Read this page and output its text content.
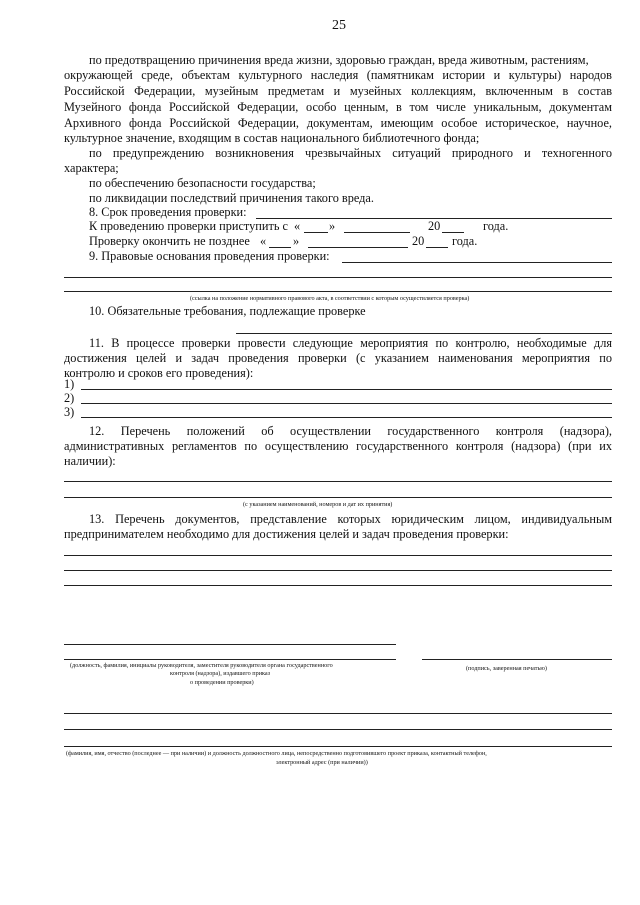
25
по предотвращению причинения вреда жизни, здоровью граждан, вреда животным, растениям,
окружающей среде, объектам культурного наследия (памятникам истории и культуры) народов
Российской Федерации, музейным предметам и музейных коллекциям, включенным в состав
Музейного фонда Российской Федерации, особо ценным, в том числе уникальным, документам
Архивного фонда Российской Федерации, документам, имеющим особое историческое, научное,
культурное значение, входящим в состав национального библиотечного фонда;
по предупреждению возникновения чрезвычайных ситуаций природного и техногенного
характера;
по обеспечению безопасности государства;
по ликвидации последствий причинения такого вреда.
8. Срок проведения проверки:
К проведению проверки приступить с « »	20	года.
Проверку окончить не позднее « »	20 года.
9. Правовые основания проведения проверки:
(ссылка на положение нормативного правового акта, в соответствии с которым осуществляется проверка)
10. Обязательные требования, подлежащие проверке
11. В процессе проверки провести следующие мероприятия по контролю, необходимые для
достижения целей и задач проведения проверки (с указанием наименования мероприятия по
контролю и сроков его проведения):
1)
2)
3)
12. Перечень положений об осуществлении государственного контроля (надзора),
административных регламентов по осуществлению государственного контроля (надзора) (при их
наличии):
(с указанием наименований, номеров и дат их принятия)
13. Перечень документов, представление которых юридическим лицом, индивидуальным
предпринимателем необходимо для достижения целей и задач проведения проверки:
(должность, фамилия, инициалы руководителя, заместителя руководителя органа государственного
контроля (надзора), издавшего приказ
о проведении проверки)
(подпись, заверенная печатью)
(фамилия, имя, отчество (последнее — при наличии) и должность должностного лица, непосредственно подготовившего проект приказа, контактный телефон,
электронный адрес (при наличии))
